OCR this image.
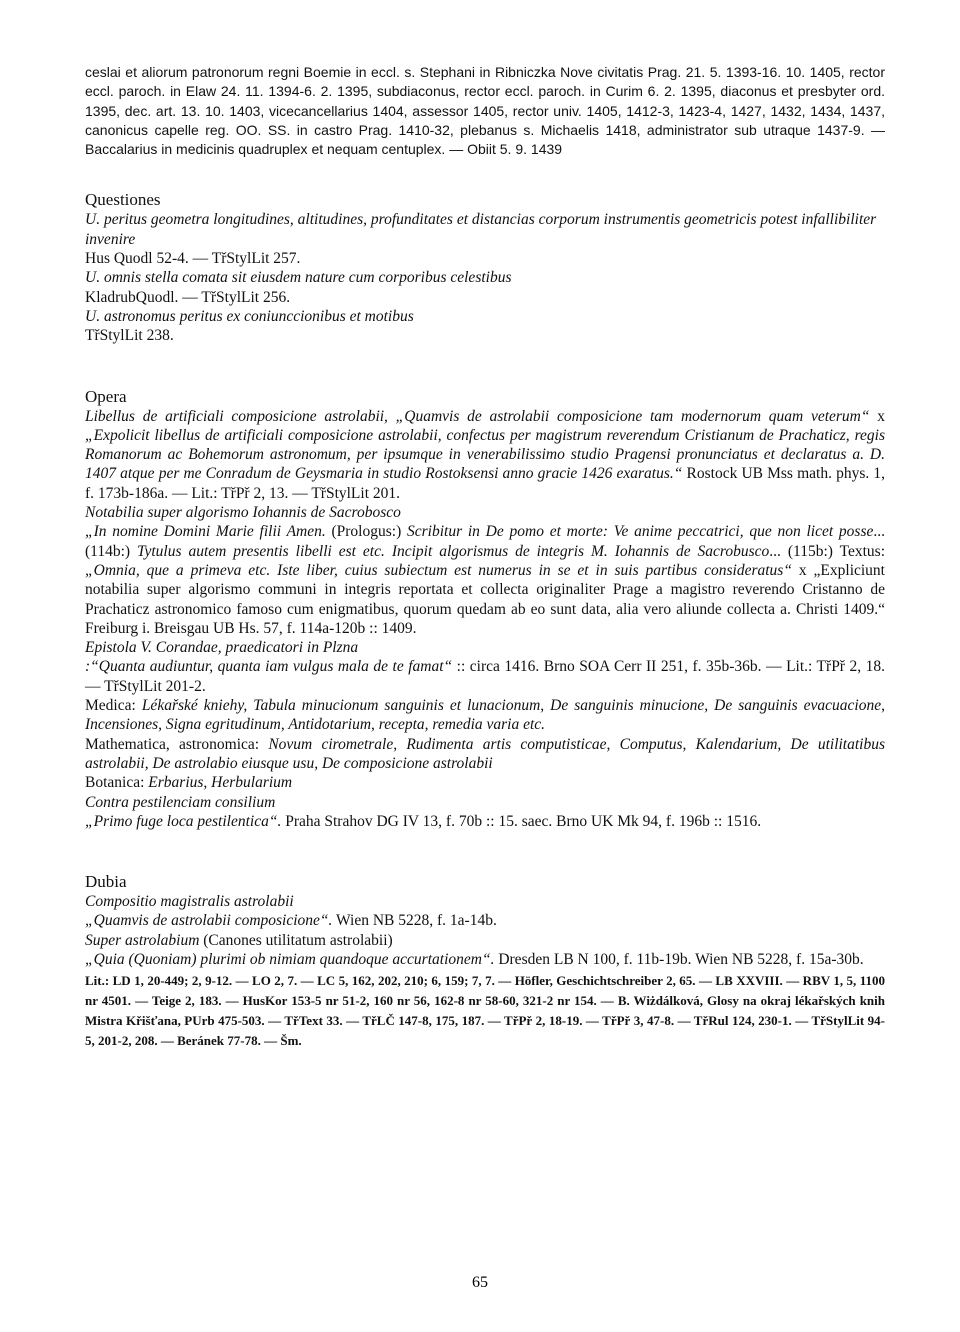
ceslai et aliorum patronorum regni Boemie in eccl. s. Stephani in Ribniczka Nove civitatis Prag. 21. 5. 1393-16. 10. 1405, rector eccl. paroch. in Elaw 24. 11. 1394-6. 2. 1395, subdiaconus, rector eccl. paroch. in Curim 6. 2. 1395, diaconus et presbyter ord. 1395, dec. art. 13. 10. 1403, vicecancellarius 1404, assessor 1405, rector univ. 1405, 1412-3, 1423-4, 1427, 1432, 1434, 1437, canonicus capelle reg. OO. SS. in castro Prag. 1410-32, plebanus s. Michaelis 1418, administrator sub utraque 1437-9. — Baccalarius in medicinis quadruplex et nequam centuplex. — Obiit 5. 9. 1439

Questiones
U. peritus geometra longitudines, altitudines, profunditates et distancias corporum instrumentis geometricis potest infallibiliter invenire
Hus Quodl 52-4. — TřStylLit 257.
U. omnis stella comata sit eiusdem nature cum corporibus celestibus
KladrubQuodl. — TřStylLit 256.
U. astronomus peritus ex coniunccionibus et motibus
TřStylLit 238.
Opera

Libellus de artificiali composicione astrolabii, „Quamvis de astrolabii composicione tam modernorum quam veterum“ x „Expolicit libellus de artificiali composicione astrolabii, confectus per magistrum reverendum Cristianum de Prachaticz, regis Romanorum ac Bohemorum astronomum, per ipsumque in venerabilissimo studio Pragensi pronunciatus et declaratus a. D. 1407 atque per me Conradum de Geysmaria in studio Rostoksensi anno gracie 1426 exaratus.“ Rostock UB Mss math. phys. 1, f. 173b-186a. — Lit.: TřPř 2, 13. — TřStylLit 201.

Notabilia super algorismo Iohannis de Sacrobosco

„In nomine Domini Marie filii Amen. (Prologus:) Scribitur in De pomo et morte: Ve anime peccatrici, que non licet posse... (114b:) Tytulus autem presentis libelli est etc. Incipit algorismus de integris M. Iohannis de Sacrobusco... (115b:) Textus: „Omnia, que a primeva etc. Iste liber, cuius subiectum est numerus in se et in suis partibus consideratus“ x „Expliciunt notabilia super algorismo communi in integris reportata et collecta originaliter Prage a magistro reverendo Cristanno de Prachaticz astronomico famoso cum enigmatibus, quorum quedam ab eo sunt data, alia vero aliunde collecta a. Christi 1409.“ Freiburg i. Breisgau UB Hs. 57, f. 114a-120b :: 1409.

Epistola V. Corandae, praedicatori in Plzna

:“Quanta audiuntur, quanta iam vulgus mala de te famat“ :: circa 1416. Brno SOA Cerr II 251, f. 35b-36b. — Lit.: TřPř 2, 18. — TřStylLit 201-2.

Medica: Lékařské kniehy, Tabula minucionum sanguinis et lunacionum, De sanguinis minucione, De sanguinis evacuacione, Incensiones, Signa egritudinum, Antidotarium, recepta, remedia varia etc.

Mathematica, astronomica: Novum cirometrale, Rudimenta artis computisticae, Computus, Kalendarium, De utilitatibus astrolabii, De astrolabio eiusque usu, De composicione astrolabii

Botanica: Erbarius, Herbularium

Contra pestilenciam consilium

„Primo fuge loca pestilentica“. Praha Strahov DG IV 13, f. 70b :: 15. saec. Brno UK Mk 94, f. 196b :: 1516.

Dubia
Compositio magistralis astrolabii

„Quamvis de astrolabii composicione“. Wien NB 5228, f. 1a-14b.

Super astrolabium (Canones utilitatum astrolabii)

„Quia (Quoniam) plurimi ob nimiam quandoque accurtationem“. Dresden LB N 100, f. 11b-19b. Wien NB 5228, f. 15a-30b.

Lit.: LD 1, 20-449; 2, 9-12. — LO 2, 7. — LC 5, 162, 202, 210; 6, 159; 7, 7. — Höfler, Geschichtschreiber 2, 65. — LB XXVIII. — RBV 1, 5, 1100 nr 4501. — Teige 2, 183. — HusKor 153-5 nr 51-2, 160 nr 56, 162-8 nr 58-60, 321-2 nr 154. — B. Wiżdálková, Glosy na okraj lékařských knih Mistra Křišťana, PUrb 475-503. — TřText 33. — TřLČ 147-8, 175, 187. — TřPř 2, 18-19. — TřPř 3, 47-8. — TřRul 124, 230-1. — TřStylLit 94-5, 201-2, 208. — Beránek 77-78. — Šm.

65
